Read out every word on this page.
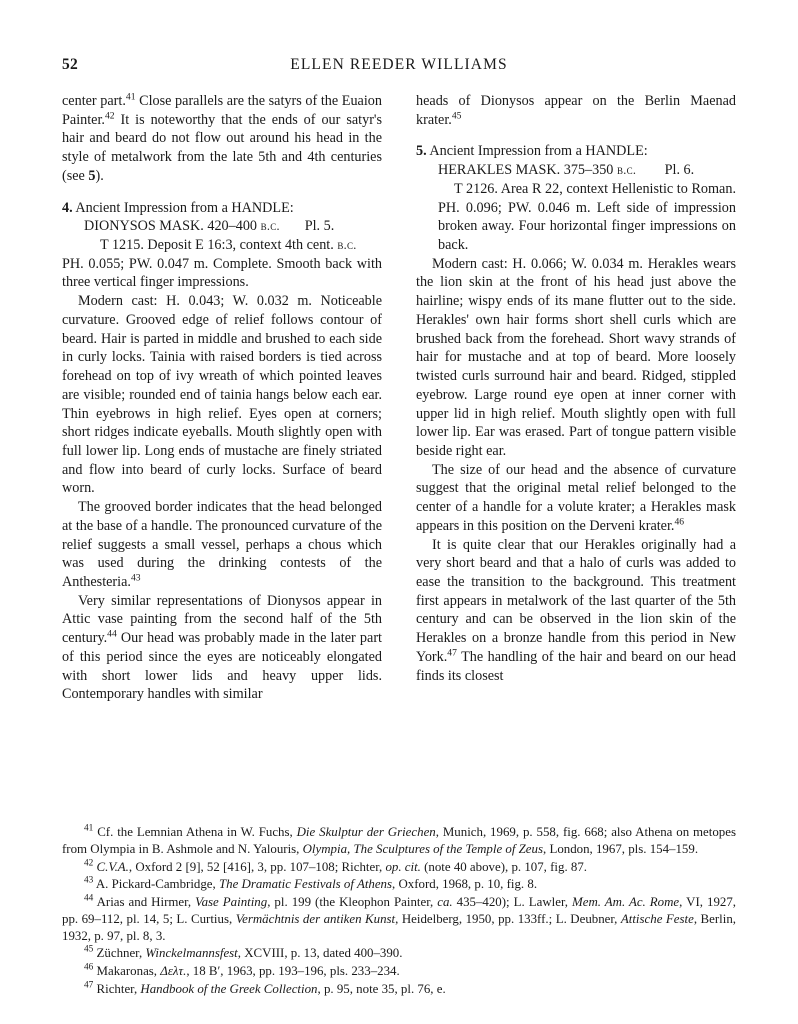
52	ELLEN REEDER WILLIAMS

center part.$^{41}$ Close parallels are the satyrs of the Euaion Painter.$^{42}$ It is noteworthy that the ends of our satyr's hair and beard do not flow out around his head in the style of metalwork from the late 5th and 4th centuries (see 5).

4. Ancient Impression from a HANDLE:

DIONYSOS MASK. 420–400 b.c. Pl. 5.

T 1215. Deposit E 16:3, context 4th cent. b.c.

PH. 0.055; PW. 0.047 m. Complete. Smooth back with three vertical finger impressions.

Modern cast: H. 0.043; W. 0.032 m. Noticeable curvature. Grooved edge of relief follows contour of beard. Hair is parted in middle and brushed to each side in curly locks. Tainia with raised borders is tied across forehead on top of ivy wreath of which pointed leaves are visible; rounded end of tainia hangs below each ear. Thin eyebrows in high relief. Eyes open at corners; short ridges indicate eyeballs. Mouth slightly open with full lower lip. Long ends of mustache are finely striated and flow into beard of curly locks. Surface of beard worn.

The grooved border indicates that the head belonged at the base of a handle. The pronounced curvature of the relief suggests a small vessel, perhaps a chous which was used during the drinking contests of the Anthesteria.$^{43}$

Very similar representations of Dionysos appear in Attic vase painting from the second half of the 5th century.$^{44}$ Our head was probably made in the later part of this period since the eyes are noticeably elongated with short lower lids and heavy upper lids. Contemporary handles with similar

heads of Dionysos appear on the Berlin Maenad krater.$^{45}$

5. Ancient Impression from a HANDLE:

HERAKLES MASK. 375–350 b.c. Pl. 6.

T 2126. Area R 22, context Hellenistic to Roman. PH. 0.096; PW. 0.046 m. Left side of impression broken away. Four horizontal finger impressions on back.

Modern cast: H. 0.066; W. 0.034 m. Herakles wears the lion skin at the front of his head just above the hairline; wispy ends of its mane flutter out to the side. Herakles' own hair forms short shell curls which are brushed back from the forehead. Short wavy strands of hair for mustache and at top of beard. More loosely twisted curls surround hair and beard. Ridged, stippled eyebrow. Large round eye open at inner corner with upper lid in high relief. Mouth slightly open with full lower lip. Ear was erased. Part of tongue pattern visible beside right ear.

The size of our head and the absence of curvature suggest that the original metal relief belonged to the center of a handle for a volute krater; a Herakles mask appears in this position on the Derveni krater.$^{46}$

It is quite clear that our Herakles originally had a very short beard and that a halo of curls was added to ease the transition to the background. This treatment first appears in metalwork of the last quarter of the 5th century and can be observed in the lion skin of the Herakles on a bronze handle from this period in New York.$^{47}$ The handling of the hair and beard on our head finds its closest

$^{41}$ Cf. the Lemnian Athena in W. Fuchs, Die Skulptur der Griechen, Munich, 1969, p. 558, fig. 668; also Athena on metopes from Olympia in B. Ashmole and N. Yalouris, Olympia, The Sculptures of the Temple of Zeus, London, 1967, pls. 154–159.

$^{42}$ C.V.A., Oxford 2 [9], 52 [416], 3, pp. 107–108; Richter, op. cit. (note 40 above), p. 107, fig. 87.

$^{43}$ A. Pickard-Cambridge, The Dramatic Festivals of Athens, Oxford, 1968, p. 10, fig. 8.

$^{44}$ Arias and Hirmer, Vase Painting, pl. 199 (the Kleophon Painter, ca. 435–420); L. Lawler, Mem. Am. Ac. Rome, VI, 1927, pp. 69–112, pl. 14, 5; L. Curtius, Vermächtnis der antiken Kunst, Heidelberg, 1950, pp. 133ff.; L. Deubner, Attische Feste, Berlin, 1932, p. 97, pl. 8, 3.

$^{45}$ Züchner, Winckelmannsfest, XCVIII, p. 13, dated 400–390.

$^{46}$ Makaronas, Δελτ., 18 B′, 1963, pp. 193–196, pls. 233–234.

$^{47}$ Richter, Handbook of the Greek Collection, p. 95, note 35, pl. 76, e.
